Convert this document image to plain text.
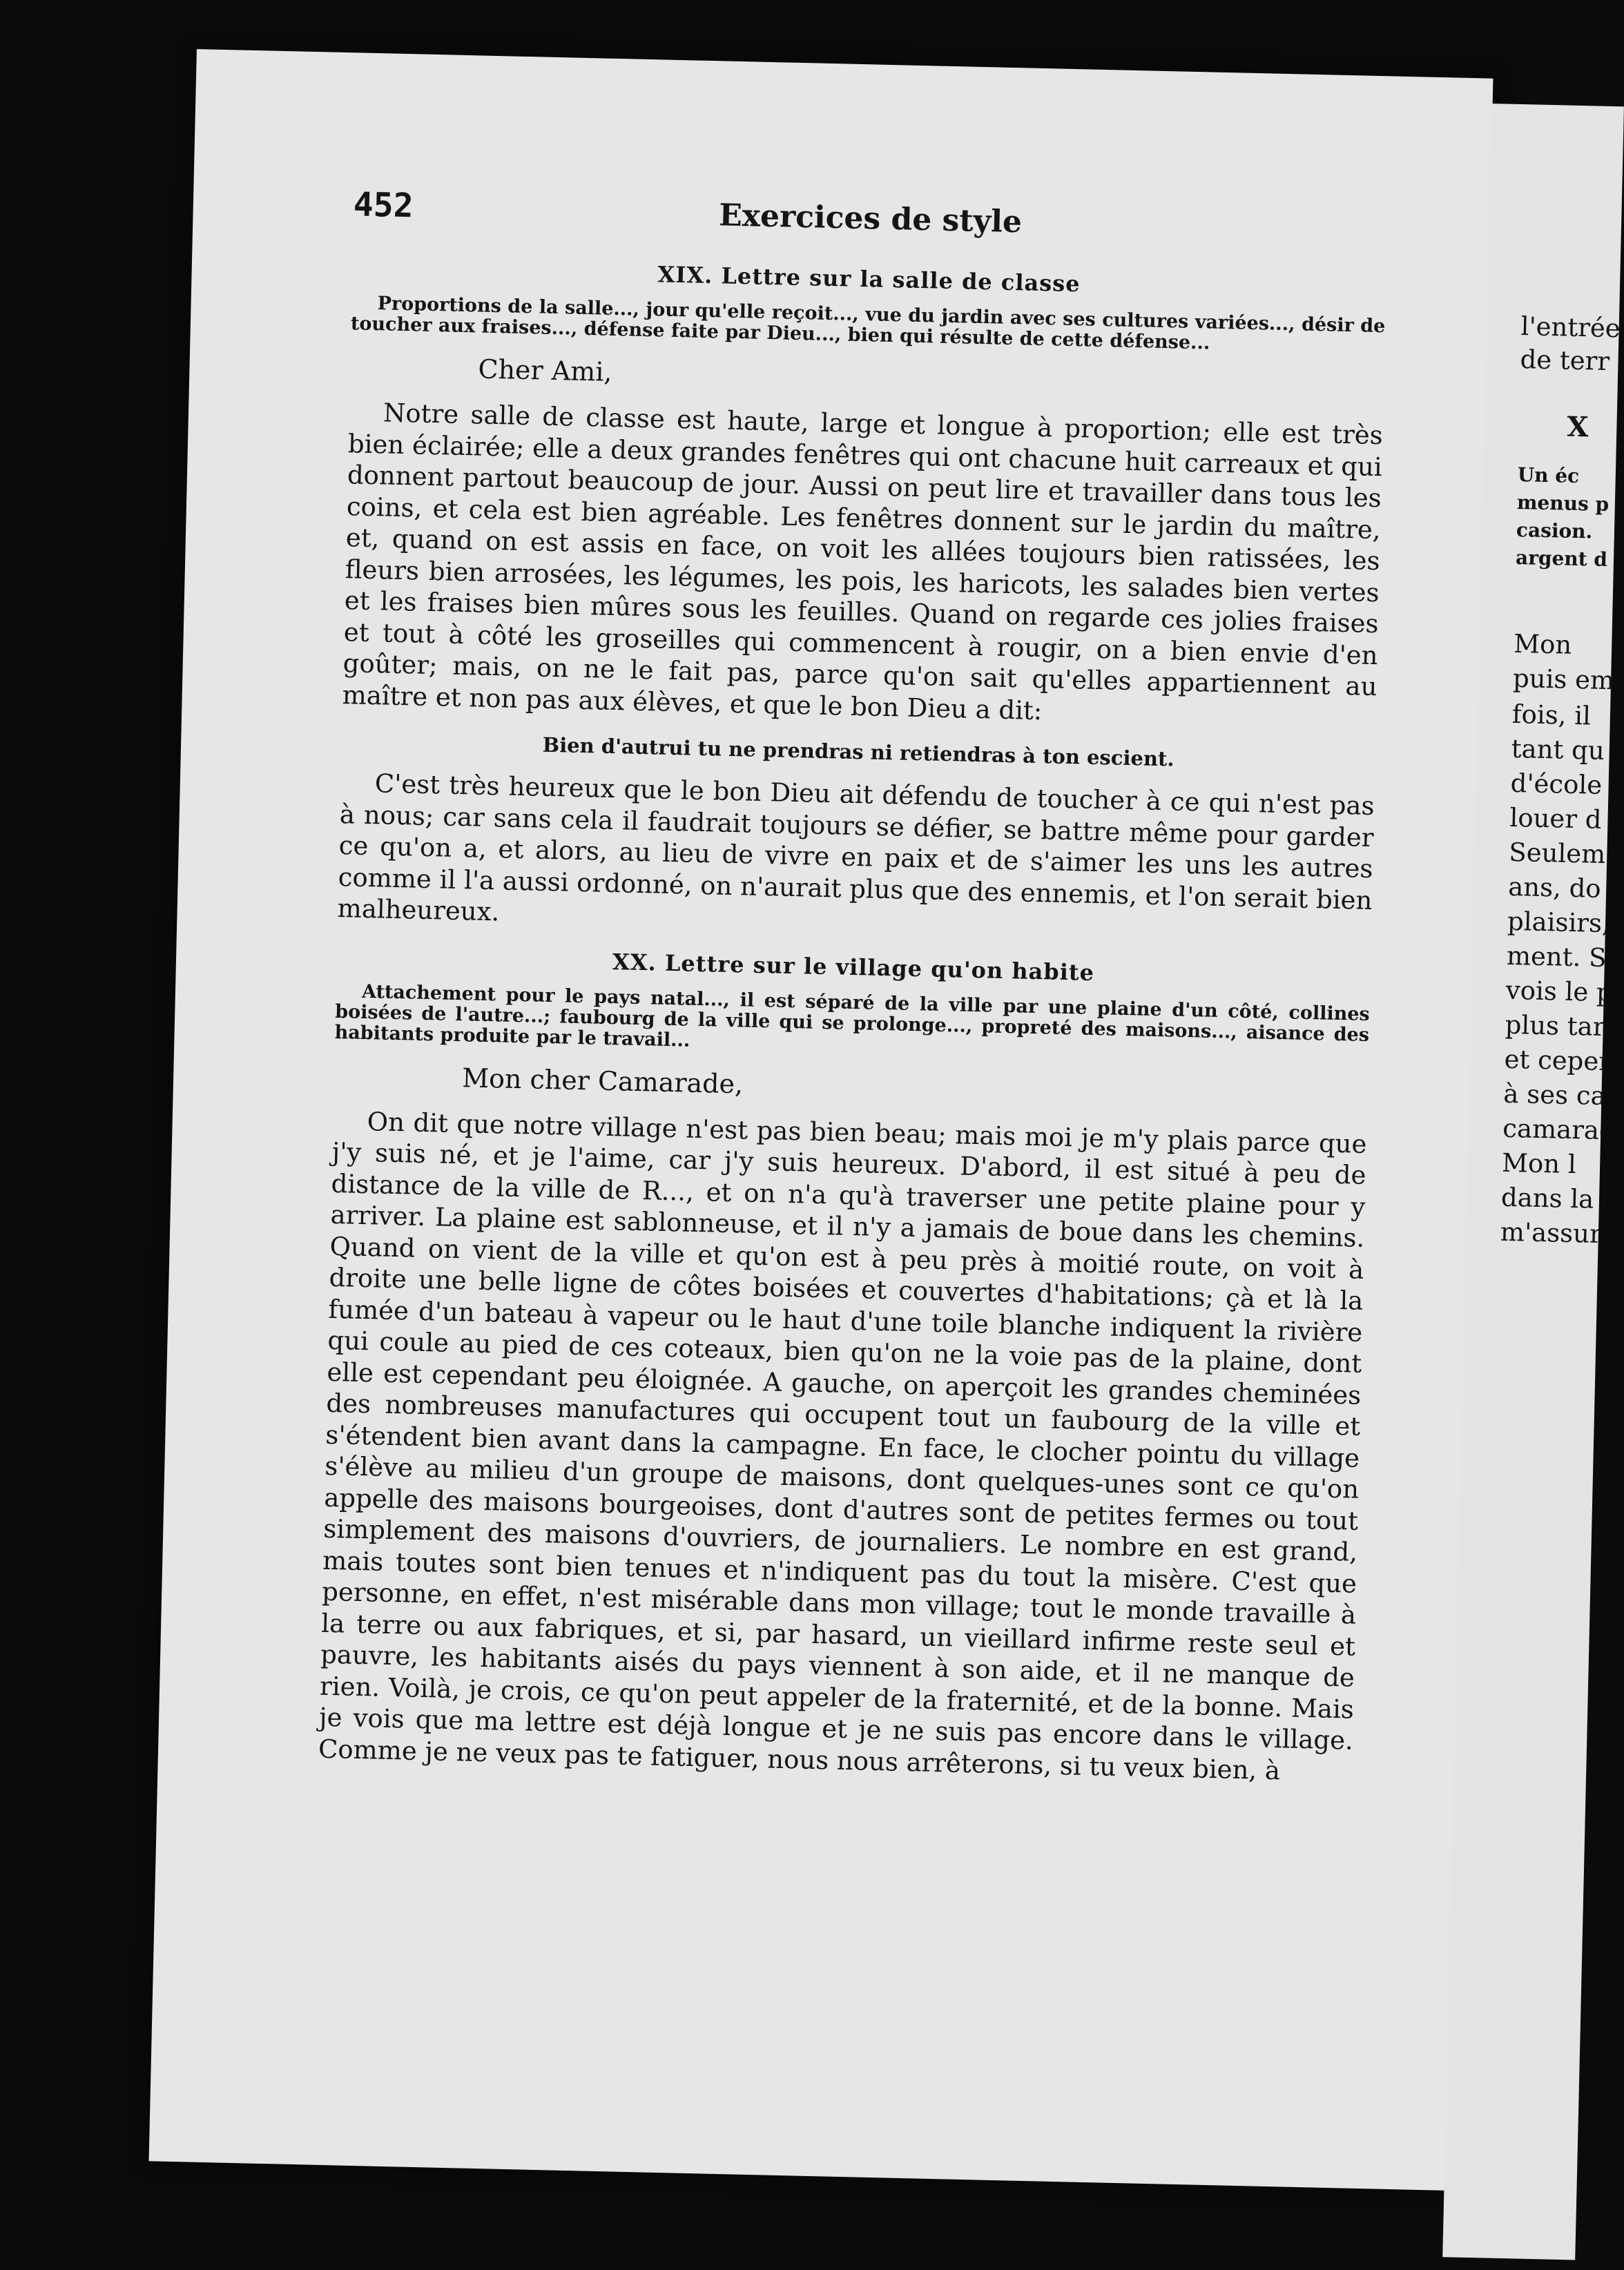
452	Exercices de style
XIX. Lettre sur la salle de classe

Proportions de la salle..., jour qu'elle reçoit..., vue du jardin avec ses cultures variées..., désir de toucher aux fraises..., défense faite par Dieu..., bien qui résulte de cette défense...

Cher Ami,

Notre salle de classe est haute, large et longue à proportion; elle est très bien éclairée; elle a deux grandes fenêtres qui ont chacune huit carreaux et qui donnent partout beaucoup de jour. Aussi on peut lire et travailler dans tous les coins, et cela est bien agréable. Les fenêtres donnent sur le jardin du maître, et, quand on est assis en face, on voit les allées toujours bien ratissées, les fleurs bien arrosées, les légumes, les pois, les haricots, les salades bien vertes et les fraises bien mûres sous les feuilles. Quand on regarde ces jolies fraises et tout à côté les groseilles qui commencent à rougir, on a bien envie d'en goûter; mais, on ne le fait pas, parce qu'on sait qu'elles appartiennent au maître et non pas aux élèves, et que le bon Dieu a dit:

Bien d'autrui tu ne prendras ni retiendras à ton escient.

C'est très heureux que le bon Dieu ait défendu de toucher à ce qui n'est pas à nous; car sans cela il faudrait toujours se défier, se battre même pour garder ce qu'on a, et alors, au lieu de vivre en paix et de s'aimer les uns les autres comme il l'a aussi ordonné, on n'aurait plus que des ennemis, et l'on serait bien malheureux.

XX. Lettre sur le village qu'on habite

Attachement pour le pays natal..., il est séparé de la ville par une plaine d'un côté, collines boisées de l'autre...; faubourg de la ville qui se prolonge..., propreté des maisons..., aisance des habitants produite par le travail...

Mon cher Camarade,

On dit que notre village n'est pas bien beau; mais moi je m'y plais parce que j'y suis né, et je l'aime, car j'y suis heureux. D'abord, il est situé à peu de distance de la ville de R..., et on n'a qu'à traverser une petite plaine pour y arriver. La plaine est sablonneuse, et il n'y a jamais de boue dans les chemins. Quand on vient de la ville et qu'on est à peu près à moitié route, on voit à droite une belle ligne de côtes boisées et couvertes d'habitations; çà et là la fumée d'un bateau à vapeur ou le haut d'une toile blanche indiquent la rivière qui coule au pied de ces coteaux, bien qu'on ne la voie pas de la plaine, dont elle est cependant peu éloignée. A gauche, on aperçoit les grandes cheminées des nombreuses manufactures qui occupent tout un faubourg de la ville et s'étendent bien avant dans la campagne. En face, le clocher pointu du village s'élève au milieu d'un groupe de maisons, dont quelques-unes sont ce qu'on appelle des maisons bourgeoises, dont d'autres sont de petites fermes ou tout simplement des maisons d'ouvriers, de journaliers. Le nombre en est grand, mais toutes sont bien tenues et n'indiquent pas du tout la misère. C'est que personne, en effet, n'est misérable dans mon village; tout le monde travaille à la terre ou aux fabriques, et si, par hasard, un vieillard infirme reste seul et pauvre, les habitants aisés du pays viennent à son aide, et il ne manque de rien. Voilà, je crois, ce qu'on peut appeler de la fraternité, et de la bonne. Mais je vois que ma lettre est déjà longue et je ne suis pas encore dans le village. Comme je ne veux pas te fatiguer, nous nous arrêterons, si tu veux bien, à

l'entrée
de terr
X
Un éc
menus p
casion.
argent d
Mon
puis em
fois, il
tant qu
d'école
louer d
Seulem
ans, do
plaisirs,
ment. S
vois le p
plus tar
et cepen
à ses ca
camarad
Mon l
dans la
m'assure
